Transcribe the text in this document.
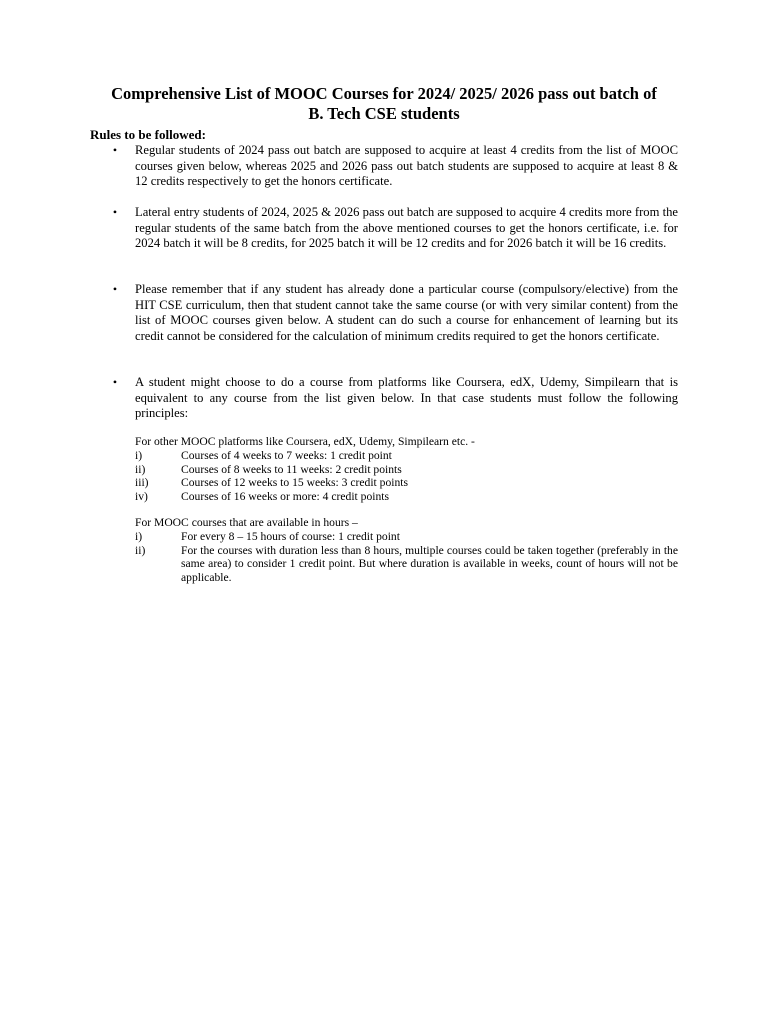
Comprehensive List of MOOC Courses for 2024/ 2025/ 2026 pass out batch of
B. Tech CSE students

Rules to be followed:

• Regular students of 2024 pass out batch are supposed to acquire at least 4 credits from the list of MOOC courses given below, whereas 2025 and 2026 pass out batch students are supposed to acquire at least 8 & 12 credits respectively to get the honors certificate.
• Lateral entry students of 2024, 2025 & 2026 pass out batch are supposed to acquire 4 credits more from the regular students of the same batch from the above mentioned courses to get the honors certificate, i.e. for 2024 batch it will be 8 credits, for 2025 batch it will be 12 credits and for 2026 batch it will be 16 credits.
• Please remember that if any student has already done a particular course (compulsory/elective) from the HIT CSE curriculum, then that student cannot take the same course (or with very similar content) from the list of MOOC courses given below. A student can do such a course for enhancement of learning but its credit cannot be considered for the calculation of minimum credits required to get the honors certificate.
• A student might choose to do a course from platforms like Coursera, edX, Udemy, Simpilearn that is equivalent to any course from the list given below. In that case students must follow the following principles:

For other MOOC platforms like Coursera, edX, Udemy, Simpilearn etc. -

i)	Courses of 4 weeks to 7 weeks: 1 credit point
ii)	Courses of 8 weeks to 11 weeks: 2 credit points
iii)	Courses of 12 weeks to 15 weeks: 3 credit points
iv)	Courses of 16 weeks or more: 4 credit points

For MOOC courses that are available in hours –

i)	For every 8 – 15 hours of course: 1 credit point
ii)	For the courses with duration less than 8 hours, multiple courses could be taken together (preferably in the same area) to consider 1 credit point. But where duration is available in weeks, count of hours will not be applicable.
